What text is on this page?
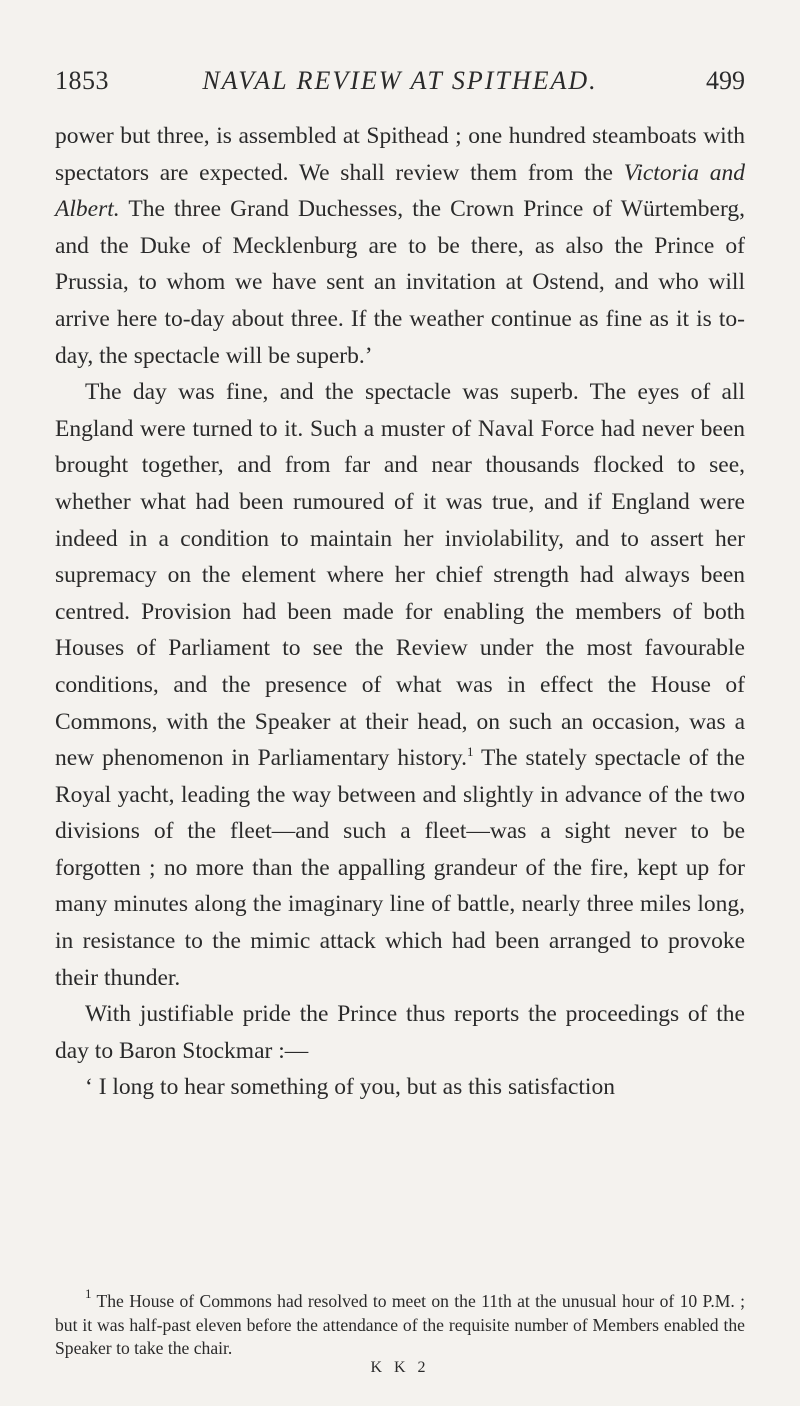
1853	NAVAL REVIEW AT SPITHEAD.	499

power but three, is assembled at Spithead ; one hundred steamboats with spectators are expected. We shall review them from the Victoria and Albert. The three Grand Duchesses, the Crown Prince of Würtemberg, and the Duke of Mecklenburg are to be there, as also the Prince of Prussia, to whom we have sent an invitation at Ostend, and who will arrive here to-day about three. If the weather continue as fine as it is to-day, the spectacle will be superb.’

The day was fine, and the spectacle was superb. The eyes of all England were turned to it. Such a muster of Naval Force had never been brought together, and from far and near thousands flocked to see, whether what had been rumoured of it was true, and if England were indeed in a condition to maintain her inviolability, and to assert her supremacy on the element where her chief strength had always been centred. Provision had been made for enabling the members of both Houses of Parliament to see the Review under the most favourable conditions, and the presence of what was in effect the House of Commons, with the Speaker at their head, on such an occasion, was a new phenomenon in Parliamentary history.$^1$ The stately spectacle of the Royal yacht, leading the way between and slightly in advance of the two divisions of the fleet—and such a fleet—was a sight never to be forgotten ; no more than the appalling grandeur of the fire, kept up for many minutes along the imaginary line of battle, nearly three miles long, in resistance to the mimic attack which had been arranged to provoke their thunder.

With justifiable pride the Prince thus reports the proceedings of the day to Baron Stockmar :—

‘ I long to hear something of you, but as this satisfaction

$^1$ The House of Commons had resolved to meet on the 11th at the unusual hour of 10 P.M. ; but it was half-past eleven before the attendance of the requisite number of Members enabled the Speaker to take the chair.

K K 2
